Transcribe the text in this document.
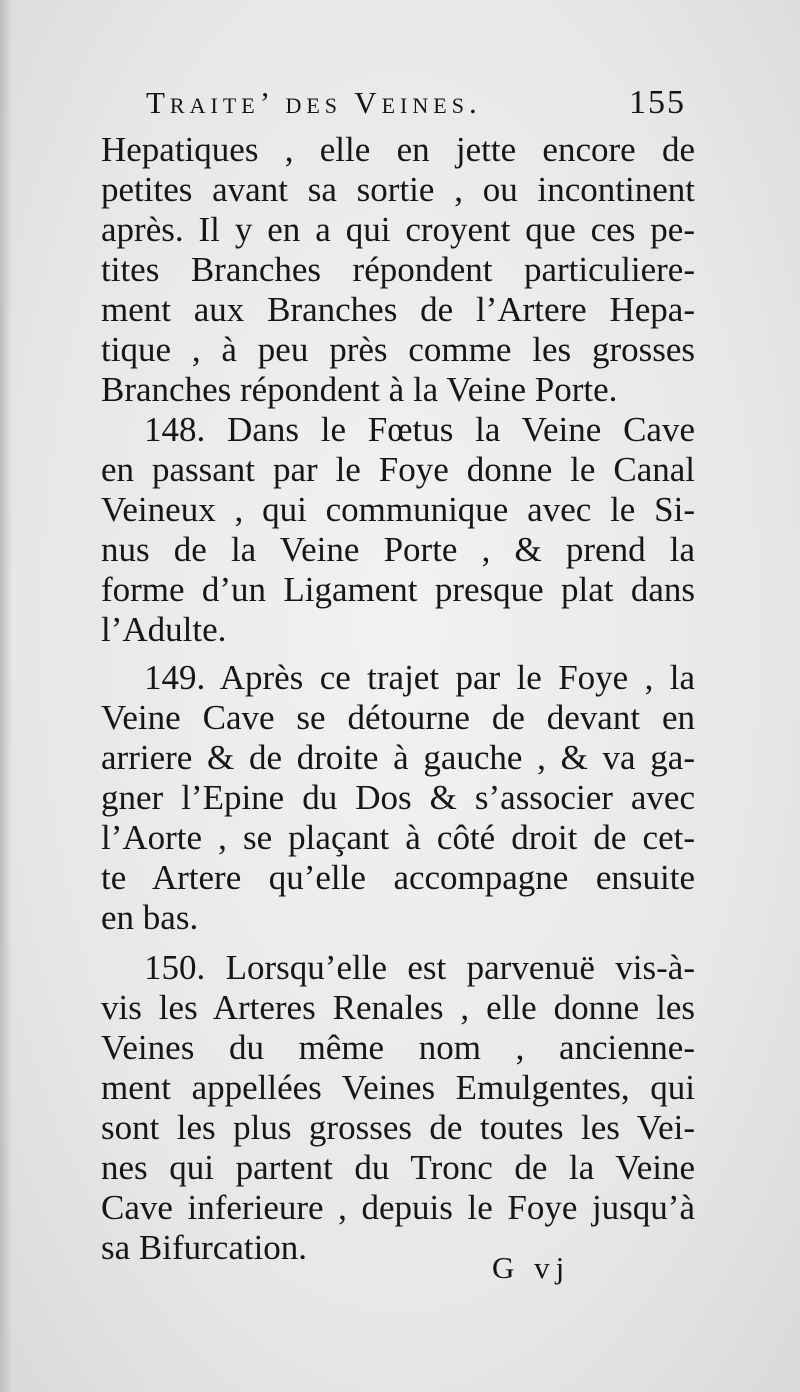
Traite’ des Veines.	155
Hepatiques , elle en jette encore de
petites avant sa sortie , ou incontinent
après. Il y en a qui croyent que ces pe-
tites Branches répondent particuliere-
ment aux Branches de l’Artere Hepa-
tique , à peu près comme les grosses
Branches répondent à la Veine Porte.
148. Dans le Fœtus la Veine Cave
en passant par le Foye donne le Canal
Veineux , qui communique avec le Si-
nus de la Veine Porte , & prend la
forme d’un Ligament presque plat dans
l’Adulte.
149. Après ce trajet par le Foye , la
Veine Cave se détourne de devant en
arriere & de droite à gauche , & va ga-
gner l’Epine du Dos & s’associer avec
l’Aorte , se plaçant à côté droit de cet-
te Artere qu’elle accompagne ensuite
en bas.
150. Lorsqu’elle est parvenuë vis-à-
vis les Arteres Renales , elle donne les
Veines du même nom , ancienne-
ment appellées Veines Emulgentes, qui
sont les plus grosses de toutes les Vei-
nes qui partent du Tronc de la Veine
Cave inferieure , depuis le Foye jusqu’à
sa Bifurcation.
G vj
